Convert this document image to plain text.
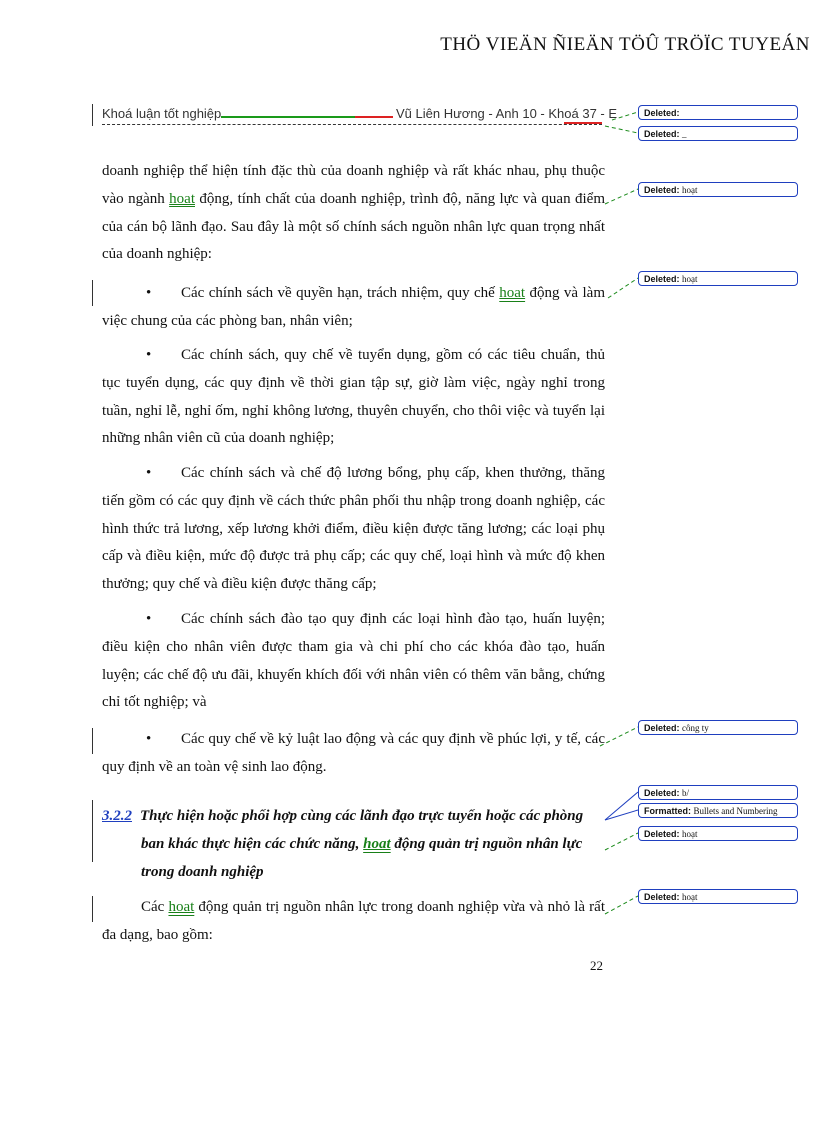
THÖ VIEÄN ÑIEÄN TÖÛ TRÖÏC TUYEÁN
Khoá luận tốt nghiệp	Vũ Liên Hương - Anh 10 - Khoá 37 - E

doanh nghiệp thể hiện tính đặc thù của doanh nghiệp và rất khác nhau, phụ thuộc vào ngành hoat động, tính chất của doanh nghiệp, trình độ, năng lực và quan điểm của cán bộ lãnh đạo. Sau đây là một số chính sách nguồn nhân lực quan trọng nhất của doanh nghiệp:

• Các chính sách về quyền hạn, trách nhiệm, quy chế hoat động và làm việc chung của các phòng ban, nhân viên;

• Các chính sách, quy chế về tuyển dụng, gồm có các tiêu chuẩn, thủ tục tuyển dụng, các quy định về thời gian tập sự, giờ làm việc, ngày nghỉ trong tuần, nghỉ lễ, nghỉ ốm, nghỉ không lương, thuyên chuyển, cho thôi việc và tuyển lại những nhân viên cũ của doanh nghiệp;

• Các chính sách và chế độ lương bổng, phụ cấp, khen thưởng, thăng tiến gồm có các quy định về cách thức phân phối thu nhập trong doanh nghiệp, các hình thức trả lương, xếp lương khởi điểm, điều kiện được tăng lương; các loại phụ cấp và điều kiện, mức độ được trả phụ cấp; các quy chế, loại hình và mức độ khen thưởng; quy chế và điều kiện được thăng cấp;

• Các chính sách đào tạo quy định các loại hình đào tạo, huấn luyện; điều kiện cho nhân viên được tham gia và chi phí cho các khóa đào tạo, huấn luyện; các chế độ ưu đãi, khuyến khích đối với nhân viên có thêm văn bằng, chứng chỉ tốt nghiệp; và

• Các quy chế về kỷ luật lao động và các quy định về phúc lợi, y tế, các quy định về an toàn vệ sinh lao động.

3.2.2 Thực hiện hoặc phối hợp cùng các lãnh đạo trực tuyến hoặc các phòng
ban khác thực hiện các chức năng, hoat động quản trị nguồn nhân lực
trong doanh nghiệp

Các hoat động quản trị nguồn nhân lực trong doanh nghiệp vừa và nhỏ là rất đa dạng, bao gồm:

22
Deleted:
Deleted: _
Deleted: hoạt
Deleted: hoạt
Deleted: công ty
Deleted: b/
Formatted: Bullets and Numbering
Deleted: hoạt
Deleted: hoạt
